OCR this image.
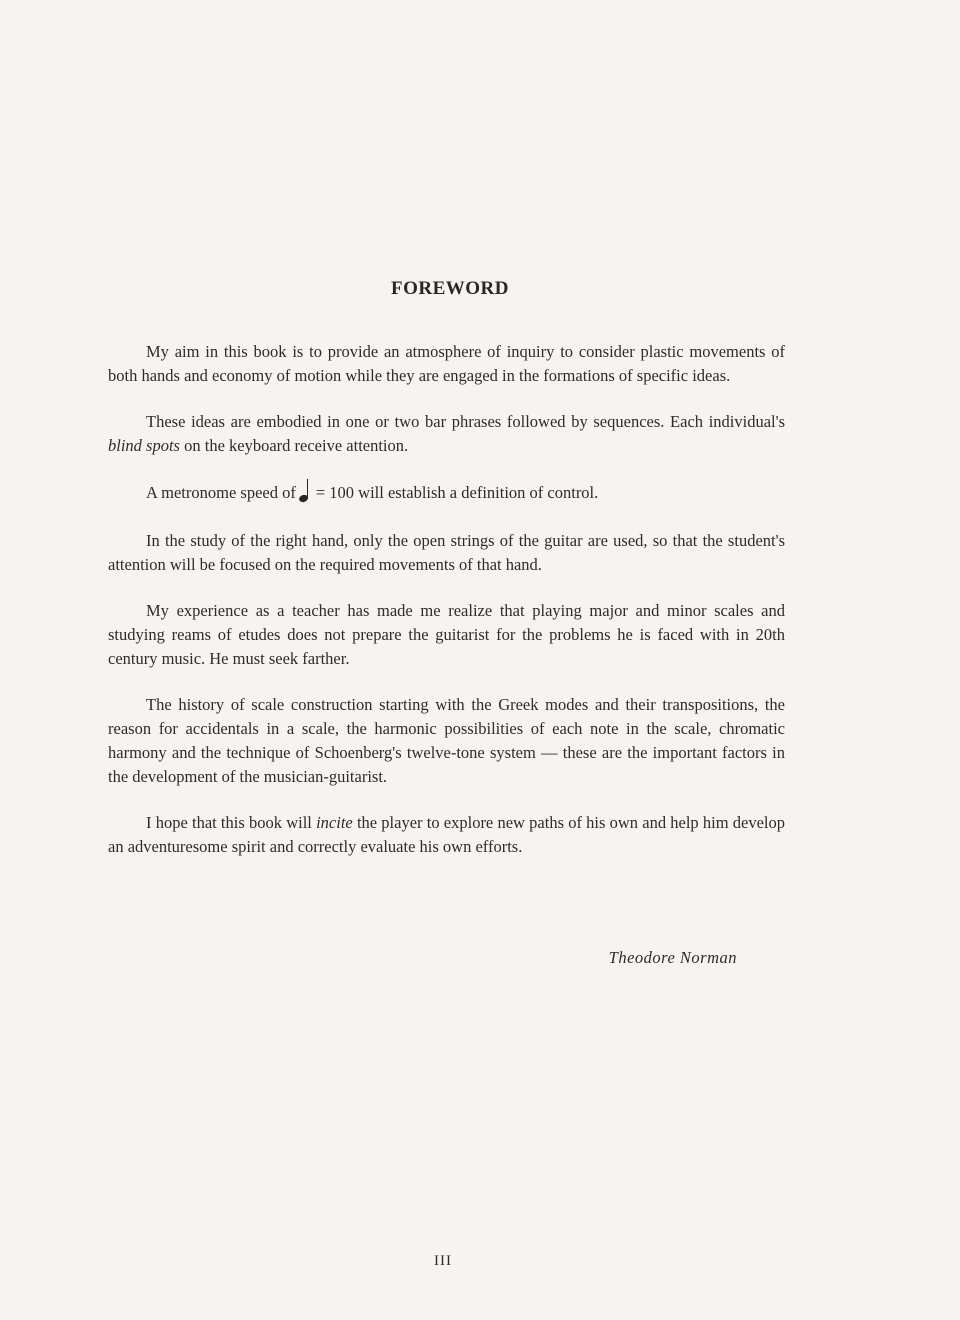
FOREWORD

My aim in this book is to provide an atmosphere of inquiry to consider plastic movements of both hands and economy of motion while they are engaged in the formations of specific ideas.

These ideas are embodied in one or two bar phrases followed by sequences. Each individual's blind spots on the keyboard receive attention.

A metronome speed of = 100 will establish a definition of control.

In the study of the right hand, only the open strings of the guitar are used, so that the student's attention will be focused on the required movements of that hand.

My experience as a teacher has made me realize that playing major and minor scales and studying reams of etudes does not prepare the guitarist for the problems he is faced with in 20th century music. He must seek farther.

The history of scale construction starting with the Greek modes and their transpositions, the reason for accidentals in a scale, the harmonic possibilities of each note in the scale, chromatic harmony and the technique of Schoenberg's twelve-tone system — these are the important factors in the development of the musician-guitarist.

I hope that this book will incite the player to explore new paths of his own and help him develop an adventuresome spirit and correctly evaluate his own efforts.

Theodore Norman
III
